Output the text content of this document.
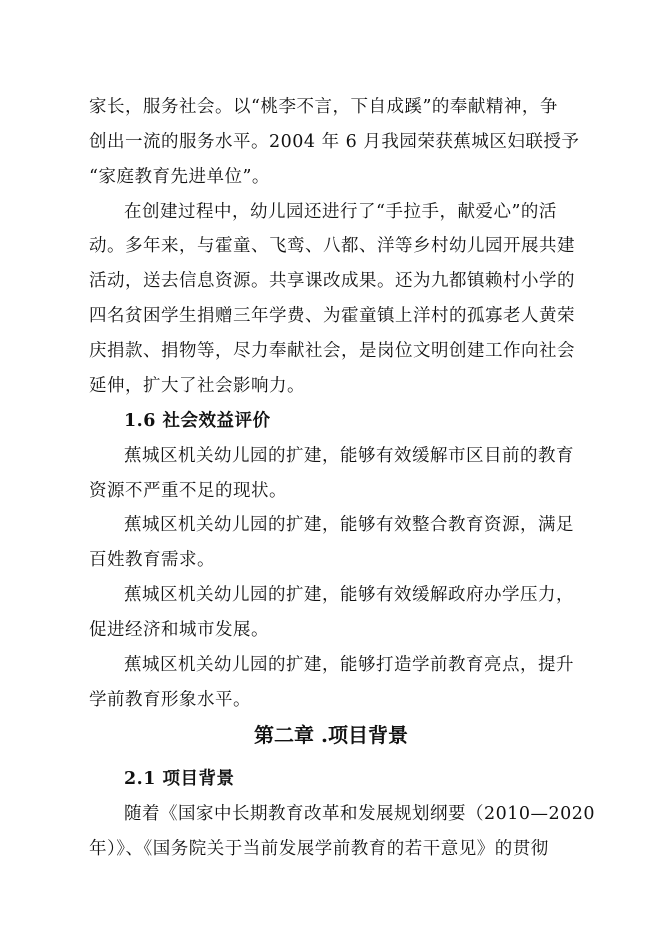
家长，服务社会。以“桃李不言，下自成蹊”的奉献精神，争
创出一流的服务水平。2004 年 6 月我园荣获蕉城区妇联授予
“家庭教育先进单位”。
在创建过程中，幼儿园还进行了“手拉手，献爱心”的活
动。多年来，与霍童、飞鸾、八都、洋等乡村幼儿园开展共建
活动，送去信息资源。共享课改成果。还为九都镇赖村小学的
四名贫困学生捐赠三年学费、为霍童镇上洋村的孤寡老人黄荣
庆捐款、捐物等，尽力奉献社会，是岗位文明创建工作向社会
延伸，扩大了社会影响力。
1.6 社会效益评价
蕉城区机关幼儿园的扩建，能够有效缓解市区目前的教育
资源不严重不足的现状。
蕉城区机关幼儿园的扩建，能够有效整合教育资源，满足
百姓教育需求。
蕉城区机关幼儿园的扩建，能够有效缓解政府办学压力，
促进经济和城市发展。
蕉城区机关幼儿园的扩建，能够打造学前教育亮点，提升
学前教育形象水平。
第二章 .项目背景
2.1 项目背景
随着《国家中长期教育改革和发展规划纲要（2010—2020
年）》、《国务院关于当前发展学前教育的若干意见》的贯彻
